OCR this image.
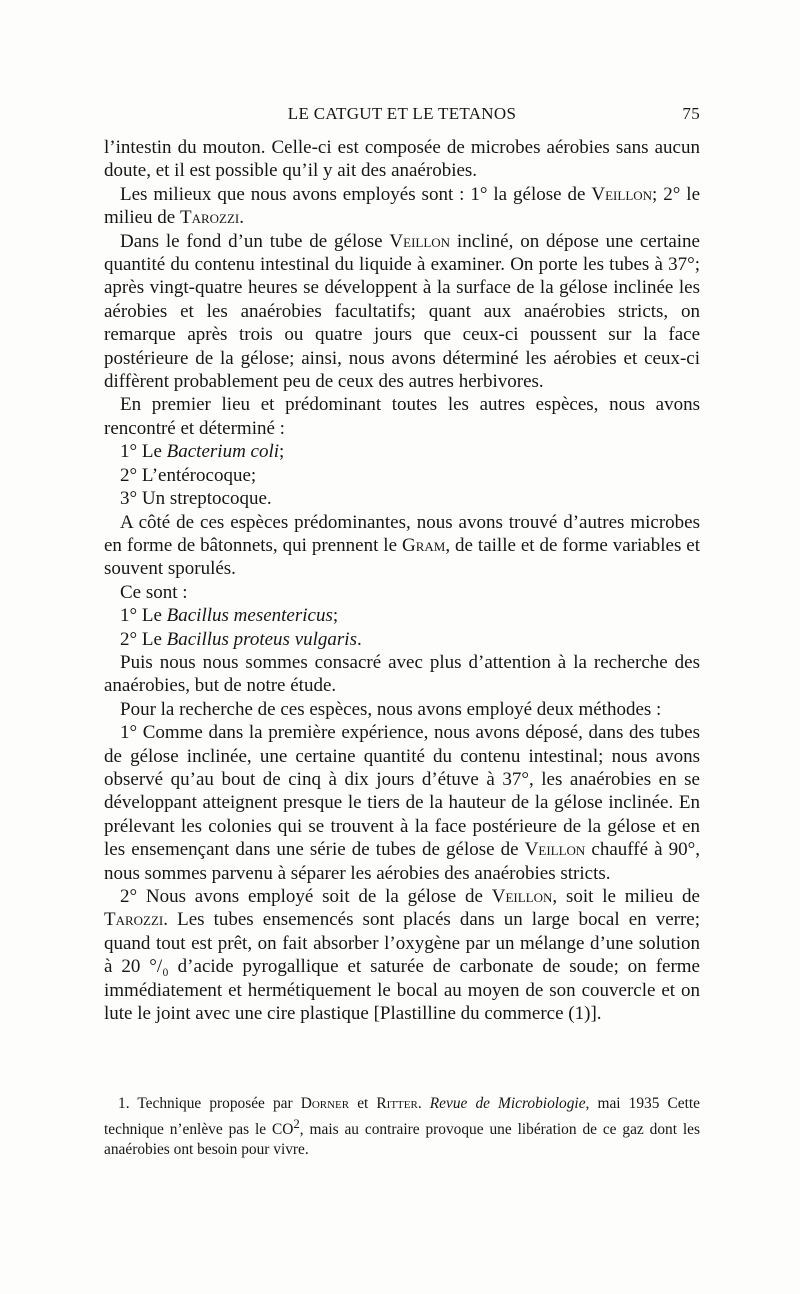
LE CATGUT ET LE TETANOS	75

l’intestin du mouton. Celle-ci est composée de microbes aérobies sans aucun doute, et il est possible qu’il y ait des anaérobies.

Les milieux que nous avons employés sont : 1° la gélose de Veillon; 2° le milieu de Tarozzi.

Dans le fond d’un tube de gélose Veillon incliné, on dépose une certaine quantité du contenu intestinal du liquide à examiner. On porte les tubes à 37°; après vingt-quatre heures se développent à la surface de la gélose inclinée les aérobies et les anaérobies facultatifs; quant aux anaérobies stricts, on remarque après trois ou quatre jours que ceux-ci poussent sur la face postérieure de la gélose; ainsi, nous avons déterminé les aérobies et ceux-ci diffèrent probablement peu de ceux des autres herbivores.

En premier lieu et prédominant toutes les autres espèces, nous avons rencontré et déterminé :

1° Le Bacterium coli;

2° L’entérocoque;

3° Un streptocoque.

A côté de ces espèces prédominantes, nous avons trouvé d’autres microbes en forme de bâtonnets, qui prennent le Gram, de taille et de forme variables et souvent sporulés.

Ce sont :

1° Le Bacillus mesentericus;

2° Le Bacillus proteus vulgaris.

Puis nous nous sommes consacré avec plus d’attention à la recherche des anaérobies, but de notre étude.

Pour la recherche de ces espèces, nous avons employé deux méthodes :

1° Comme dans la première expérience, nous avons déposé, dans des tubes de gélose inclinée, une certaine quantité du contenu intestinal; nous avons observé qu’au bout de cinq à dix jours d’étuve à 37°, les anaérobies en se développant atteignent presque le tiers de la hauteur de la gélose inclinée. En prélevant les colonies qui se trouvent à la face postérieure de la gélose et en les ensemençant dans une série de tubes de gélose de Veillon chauffé à 90°, nous sommes parvenu à séparer les aérobies des anaérobies stricts.

2° Nous avons employé soit de la gélose de Veillon, soit le milieu de Tarozzi. Les tubes ensemencés sont placés dans un large bocal en verre; quand tout est prêt, on fait absorber l’oxygène par un mélange d’une solution à 20 °/₀ d’acide pyrogallique et saturée de carbonate de soude; on ferme immédiatement et hermétiquement le bocal au moyen de son couvercle et on lute le joint avec une cire plastique [Plastilline du commerce (1)].

1. Technique proposée par Dorner et Ritter. Revue de Microbiologie, mai 1935 Cette technique n’enlève pas le $CO^2$, mais au contraire provoque une libération de ce gaz dont les anaérobies ont besoin pour vivre.
